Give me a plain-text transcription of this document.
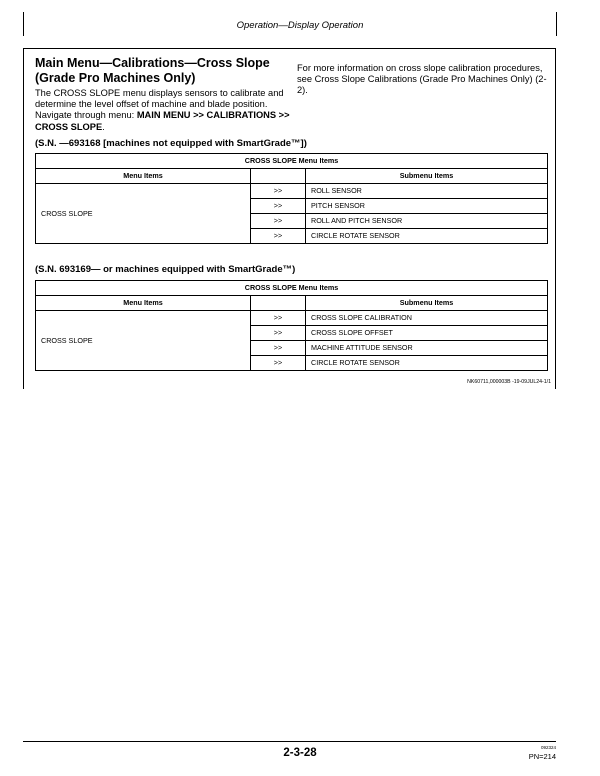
Operation—Display Operation
Main Menu—Calibrations—Cross Slope (Grade Pro Machines Only)
The CROSS SLOPE menu displays sensors to calibrate and determine the level offset of machine and blade position. Navigate through menu: MAIN MENU >> CALIBRATIONS >> CROSS SLOPE.
For more information on cross slope calibration procedures, see Cross Slope Calibrations (Grade Pro Machines Only) (2-2).
(S.N. —693168 [machines not equipped with SmartGrade™])
CROSS SLOPE Menu Items		
Menu Items		Submenu Items
CROSS SLOPE	>>	ROLL SENSOR
	>>	PITCH SENSOR
	>>	ROLL AND PITCH SENSOR
	>>	CIRCLE ROTATE SENSOR
(S.N. 693169— or machines equipped with SmartGrade™)
CROSS SLOPE Menu Items		
Menu Items		Submenu Items
CROSS SLOPE	>>	CROSS SLOPE CALIBRATION
	>>	CROSS SLOPE OFFSET
	>>	MACHINE ATTITUDE SENSOR
	>>	CIRCLE ROTATE SENSOR
NK60711,000003B -19-09JUL24-1/1
2-3-28	092324
PN=214
